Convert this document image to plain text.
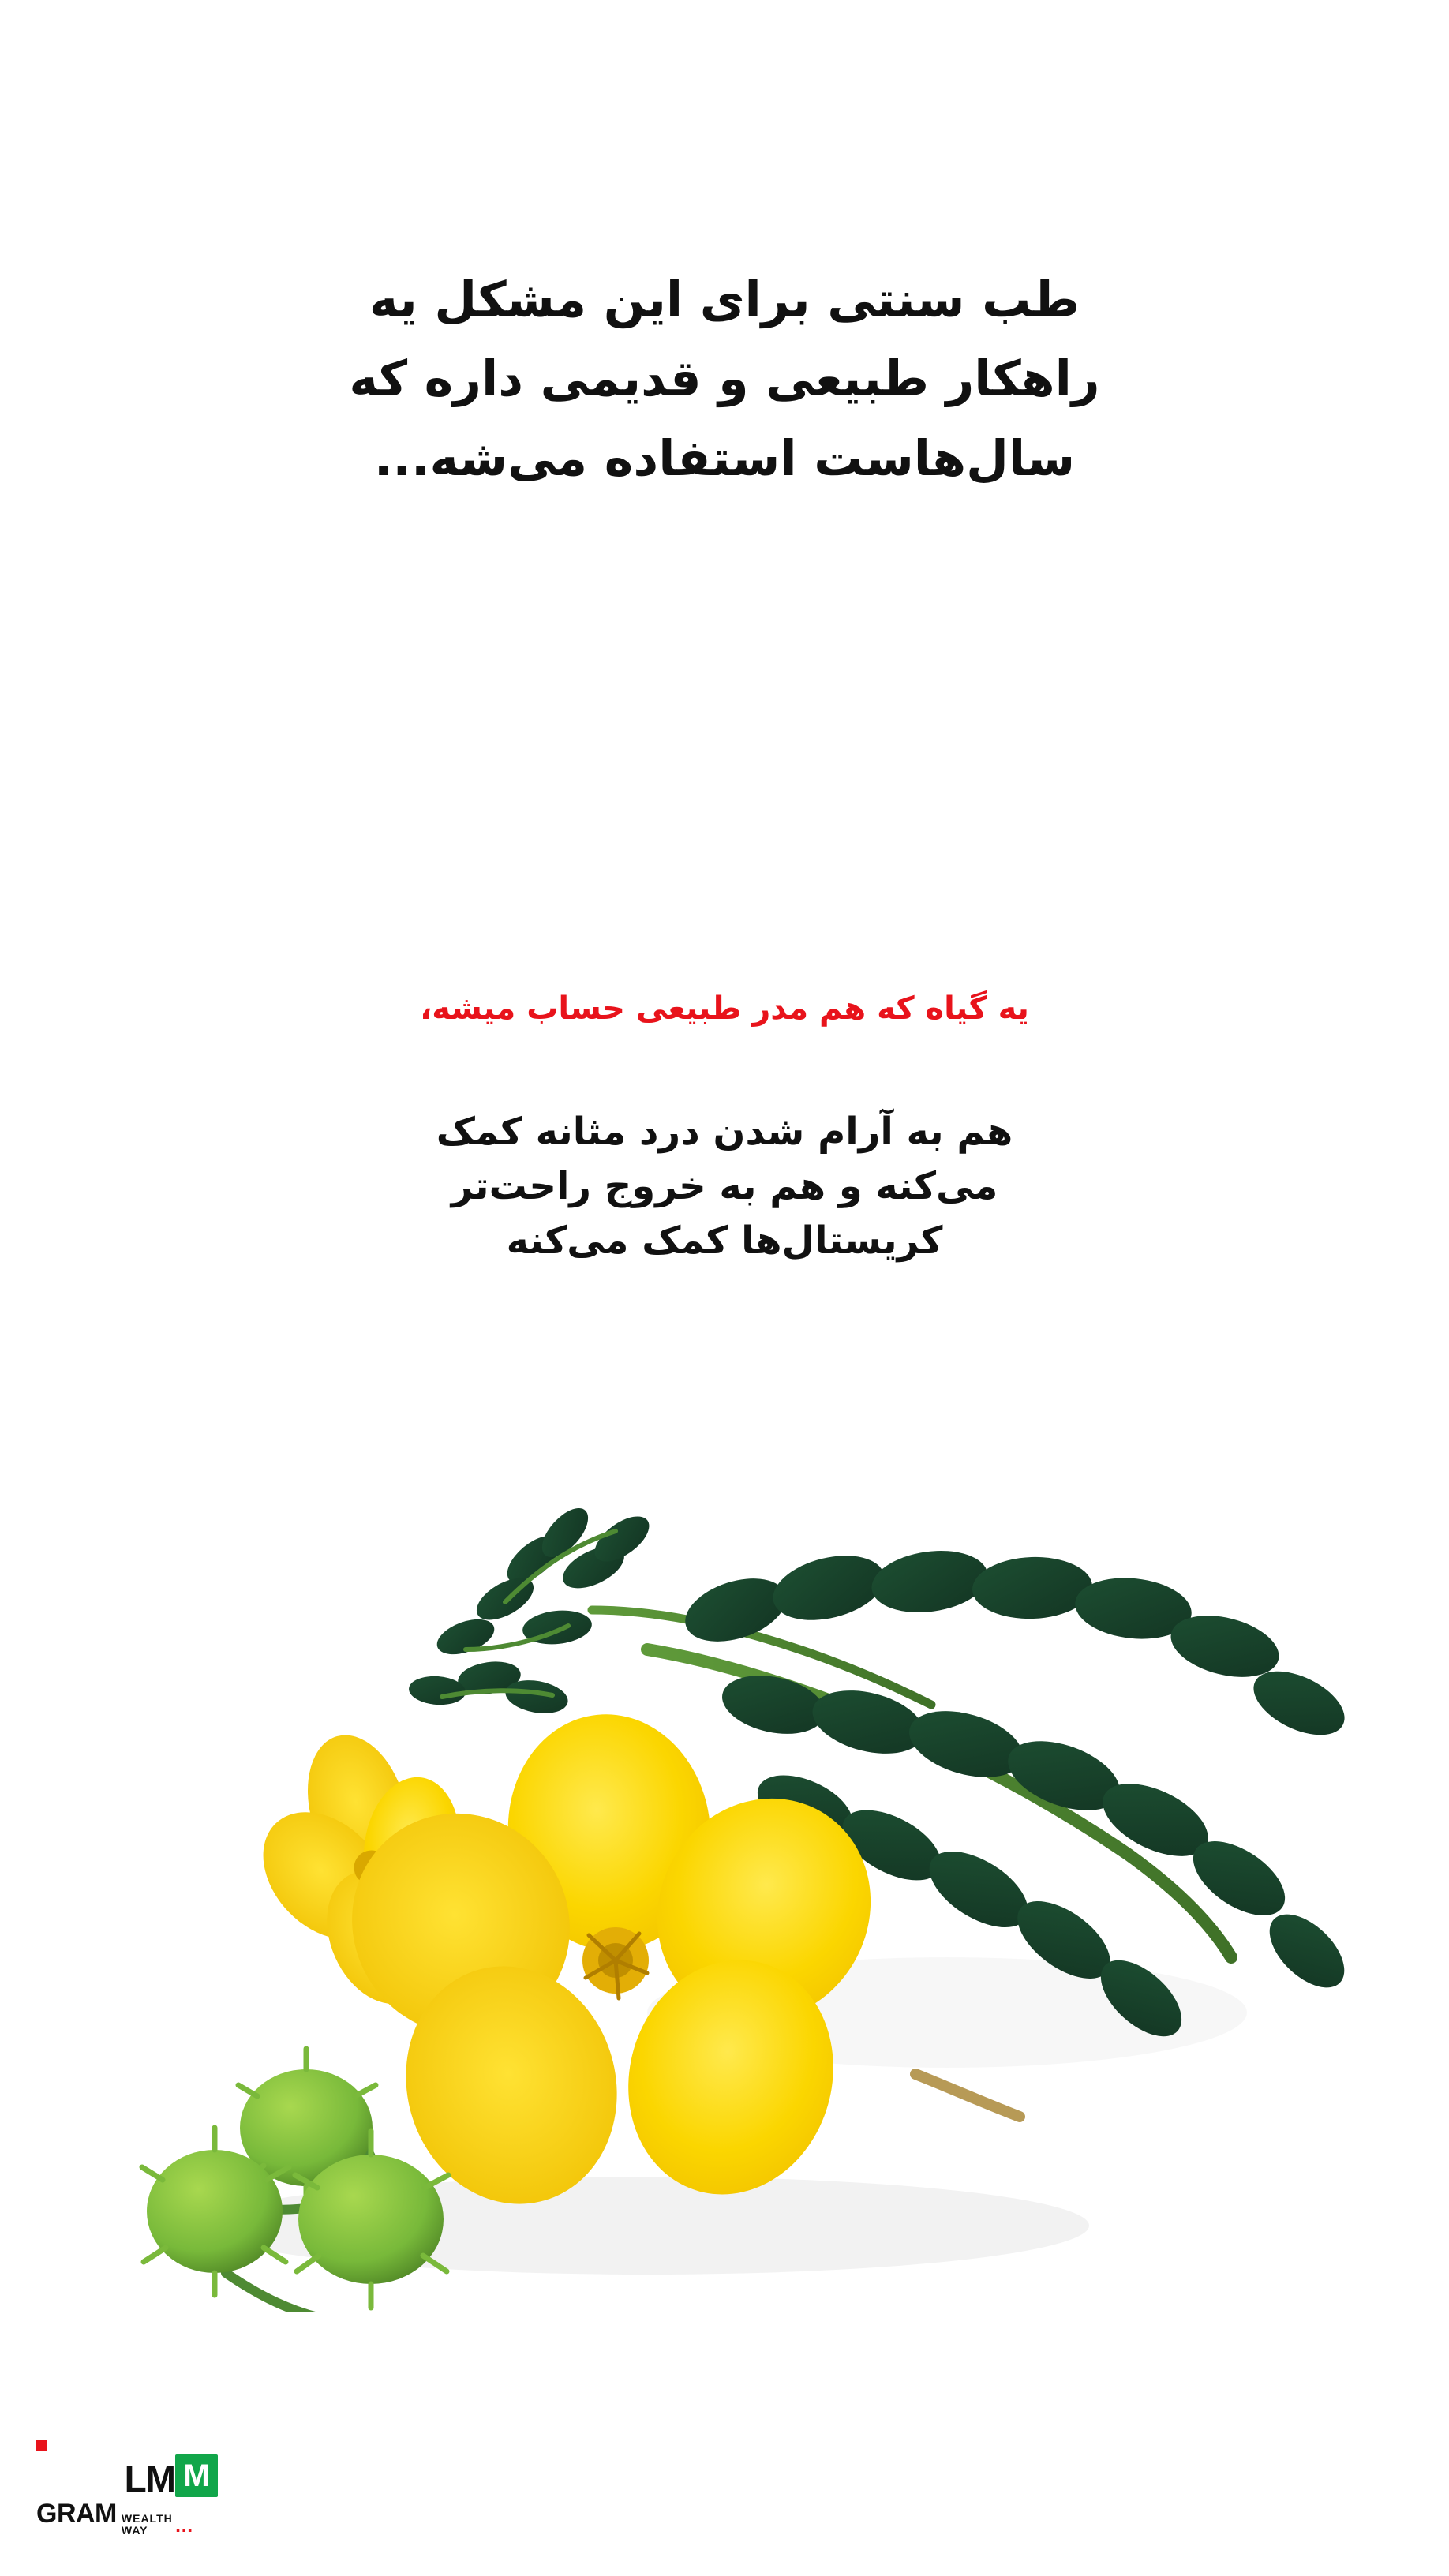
طب سنتی برای این مشکل یه
راهکار طبیعی و قدیمی داره که
سال‌هاست استفاده می‌شه...
یه گیاه که هم مدر طبیعی حساب میشه،
هم به آرام شدن درد مثانه کمک
می‌کنه و هم به خروج راحت‌تر
کریستال‌ها کمک می‌کنه
M
LM
GRAM WEALTH
WAY	...
